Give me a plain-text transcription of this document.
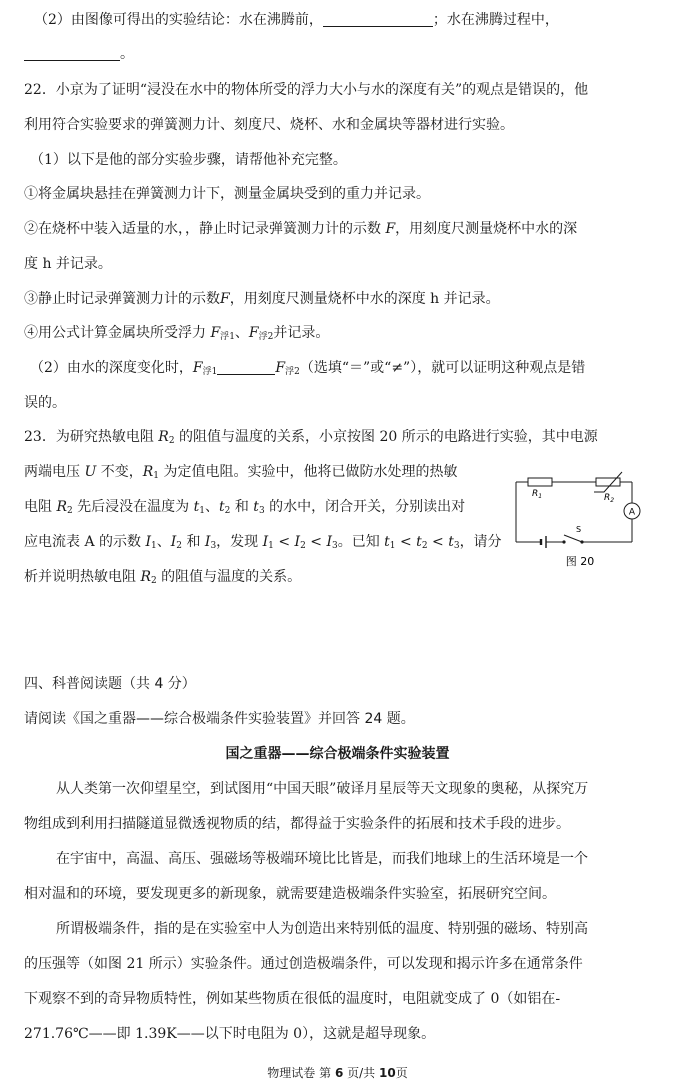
（2）由图像可得出的实验结论：水在沸腾前，	；水在沸腾过程中，
。
22．小京为了证明“浸没在水中的物体所受的浮力大小与水的深度有关”的观点是错误的，他
利用符合实验要求的弹簧测力计、刻度尺、烧杯、水和金属块等器材进行实验。
（1）以下是他的部分实验步骤，请帮他补充完整。
①将金属块悬挂在弹簧测力计下，测量金属块受到的重力并记录。
②在烧杯中装入适量的水，，静止时记录弹簧测力计的示数 F，用刻度尺测量烧杯中水的深
度 h 并记录。
③静止时记录弹簧测力计的示数F，用刻度尺测量烧杯中水的深度 h 并记录。
④用公式计算金属块所受浮力 $F_{浮1}$、$F_{浮2}$并记录。
（2）由水的深度变化时，$F_{浮1}$	$F_{浮2}$（选填“＝”或“≠”），就可以证明这种观点是错
误的。
23．为研究热敏电阻 $R_2$ 的阻值与温度的关系，小京按图 20 所示的电路进行实验，其中电源
两端电压 U 不变，$R_1$ 为定值电阻。实验中，他将已做防水处理的热敏
电阻 $R_2$ 先后浸没在温度为 $t_1$、$t_2$ 和 $t_3$ 的水中，闭合开关，分别读出对
应电流表 A 的示数 $I_1$、$I_2$ 和 $I_3$，发现 $I_1 < I_2 < I_3$。已知 $t_1 < t_2 < t_3$，请分
析并说明热敏电阻 $R_2$ 的阻值与温度的关系。
$R_1$	$R_2$
A
S
图 20
四、科普阅读题（共 4 分）
请阅读《国之重器——综合极端条件实验装置》并回答 24 题。
国之重器——综合极端条件实验装置
从人类第一次仰望星空，到试图用“中国天眼”破译月星辰等天文现象的奥秘，从探究万
物组成到利用扫描隧道显微透视物质的结，都得益于实验条件的拓展和技术手段的进步。
在宇宙中，高温、高压、强磁场等极端环境比比皆是，而我们地球上的生活环境是一个
相对温和的环境，要发现更多的新现象，就需要建造极端条件实验室，拓展研究空间。
所谓极端条件，指的是在实验室中人为创造出来特别低的温度、特别强的磁场、特别高
的压强等（如图 21 所示）实验条件。通过创造极端条件，可以发现和揭示许多在通常条件
下观察不到的奇异物质特性，例如某些物质在很低的温度时，电阻就变成了 0（如铝在-
271.76℃——即 1.39K——以下时电阻为 0），这就是超导现象。
物理试卷 第 6 页/共 10页
